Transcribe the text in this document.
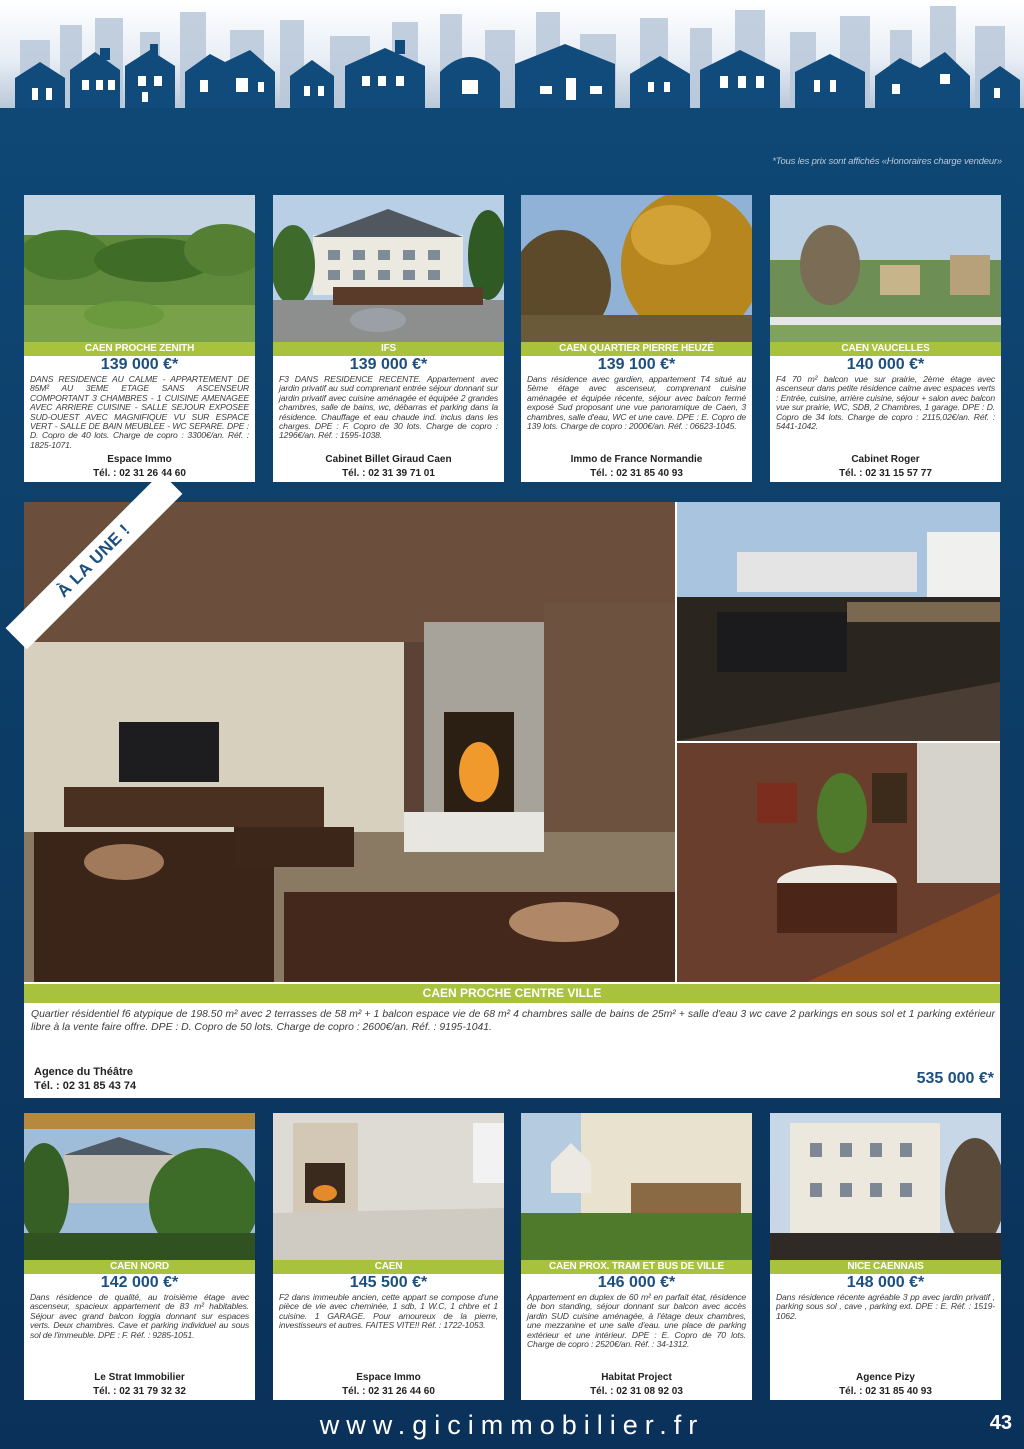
*Tous les prix sont affichés «Honoraires charge vendeur»
CAEN PROCHE ZENITH
139 000 €*
DANS RESIDENCE AU CALME - APPARTEMENT DE 85M² AU 3EME ETAGE SANS ASCENSEUR COMPORTANT 3 CHAMBRES - 1 CUISINE AMENAGEE AVEC ARRIERE CUISINE - SALLE SEJOUR EXPOSEE SUD-OUEST AVEC MAGNIFIQUE VU SUR ESPACE VERT - SALLE DE BAIN MEUBLEE - WC SEPARE. DPE : D. Copro de 40 lots. Charge de copro : 3300€/an. Réf. : 1825-1071.
Espace Immo
Tél. : 02 31 26 44 60
IFS
139 000 €*
F3 DANS RESIDENCE RECENTE. Appartement avec jardin privatif au sud comprenant entrée séjour donnant sur jardin privatif avec cuisine aménagée et équipée 2 grandes chambres, salle de bains, wc, débarras et parking dans la résidence. Chauffage et eau chaude ind. inclus dans les charges. DPE : F. Copro de 30 lots. Charge de copro : 1296€/an. Réf. : 1595-1038.
Cabinet Billet Giraud Caen
Tél. : 02 31 39 71 01
CAEN QUARTIER PIERRE HEUZÉ
139 100 €*
Dans résidence avec gardien, appartement T4 situé au 5ème étage avec ascenseur, comprenant cuisine aménagée et équipée récente, séjour avec balcon fermé exposé Sud proposant une vue panoramique de Caen, 3 chambres, salle d'eau, WC et une cave. DPE : E. Copro de 139 lots. Charge de copro : 2000€/an. Réf. : 06623-1045.
Immo de France Normandie
Tél. : 02 31 85 40 93
CAEN VAUCELLES
140 000 €*
F4 70 m² balcon vue sur prairie, 2ème étage avec ascenseur dans petite résidence calme avec espaces verts : Entrée, cuisine, arrière cuisine, séjour + salon avec balcon vue sur prairie, WC, SDB, 2 Chambres, 1 garage. DPE : D. Copro de 34 lots. Charge de copro : 2115,02€/an. Réf. : 5441-1042.
Cabinet Roger
Tél. : 02 31 15 57 77
À LA UNE !
CAEN PROCHE CENTRE VILLE
Quartier résidentiel f6 atypique de 198.50 m² avec 2 terrasses de 58 m² + 1 balcon espace vie de 68 m² 4 chambres salle de bains de 25m² + salle d'eau 3 wc cave 2 parkings en sous sol et 1 parking extérieur libre à la vente faire offre. DPE : D. Copro de 50 lots. Charge de copro : 2600€/an. Réf. : 9195-1041.
Agence du Théâtre
Tél. : 02 31 85 43 74	535 000 €*
CAEN NORD
142 000 €*
Dans résidence de qualité, au troisième étage avec ascenseur, spacieux appartement de 83 m² habitables. Séjour avec grand balcon loggia donnant sur espaces verts. Deux chambres. Cave et parking individuel au sous sol de l'immeuble. DPE : F. Réf. : 9285-1051.
Le Strat Immobilier
Tél. : 02 31 79 32 32
CAEN
145 500 €*
F2 dans immeuble ancien, cette appart se compose d'une pièce de vie avec cheminée, 1 sdb, 1 W.C, 1 chbre et 1 cuisine. 1 GARAGE. Pour amoureux de la pierre, investisseurs et autres. FAITES VITE!! Réf. : 1722-1053.
Espace Immo
Tél. : 02 31 26 44 60
CAEN PROX. TRAM ET BUS DE VILLE
146 000 €*
Appartement en duplex de 60 m² en parfait état, résidence de bon standing, séjour donnant sur balcon avec accès jardin SUD cuisine aménagée, à l'étage deux chambres, une mezzanine et une salle d'eau. une place de parking extérieur et une intérieur. DPE : E. Copro de 70 lots. Charge de copro : 2520€/an. Réf. : 34-1312.
Habitat Project
Tél. : 02 31 08 92 03
NICE CAENNAIS
148 000 €*
Dans résidence récente agréable 3 pp avec jardin privatif , parking sous sol , cave , parking ext. DPE : E. Réf. : 1519-1062.
Agence Pizy
Tél. : 02 31 85 40 93
www.gicimmobilier.fr	43
